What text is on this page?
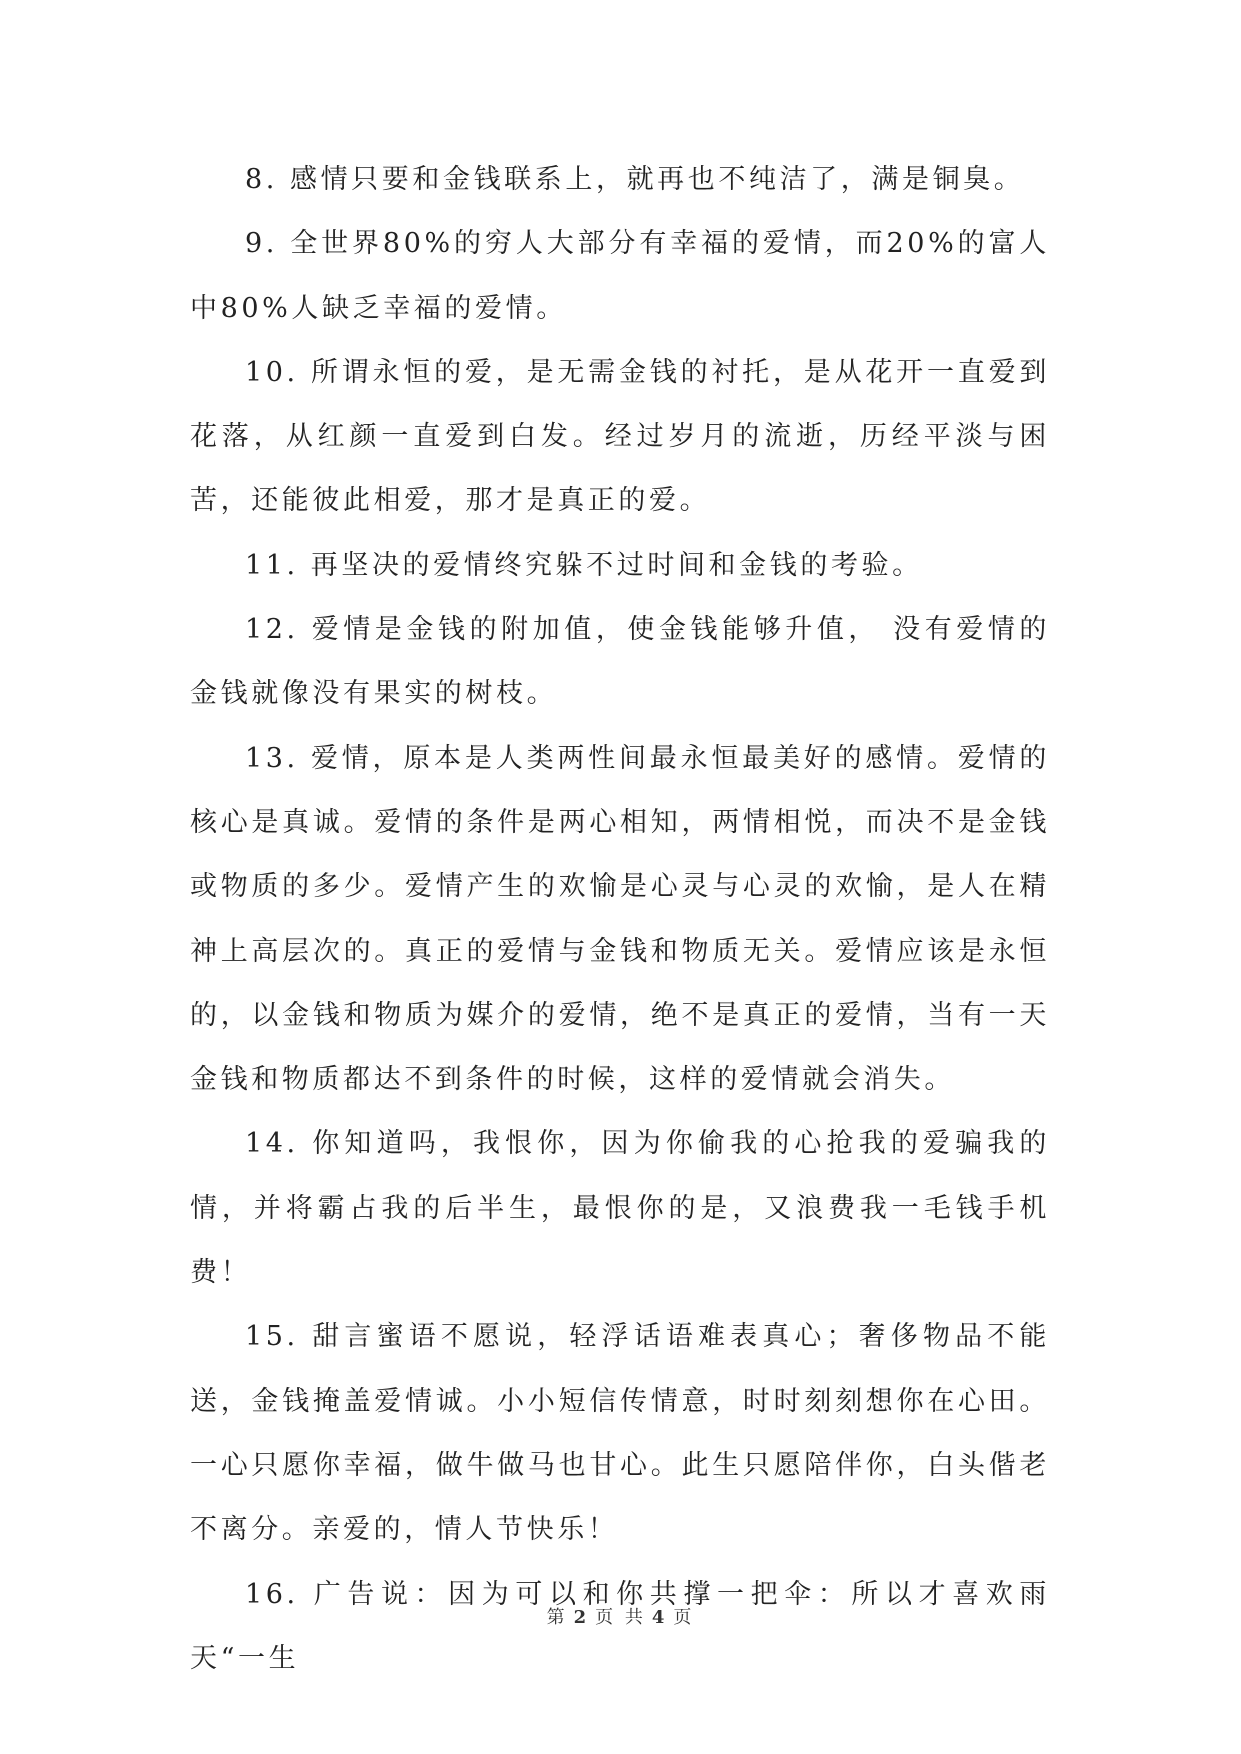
8. 感情只要和金钱联系上，就再也不纯洁了，满是铜臭。

9. 全世界80%的穷人大部分有幸福的爱情，而20%的富人中80%人缺乏幸福的爱情。

10. 所谓永恒的爱，是无需金钱的衬托，是从花开一直爱到花落，从红颜一直爱到白发。经过岁月的流逝，历经平淡与困苦，还能彼此相爱，那才是真正的爱。

11. 再坚决的爱情终究躲不过时间和金钱的考验。

12. 爱情是金钱的附加值，使金钱能够升值， 没有爱情的金钱就像没有果实的树枝。

13. 爱情，原本是人类两性间最永恒最美好的感情。爱情的核心是真诚。爱情的条件是两心相知，两情相悦，而决不是金钱或物质的多少。爱情产生的欢愉是心灵与心灵的欢愉，是人在精神上高层次的。真正的爱情与金钱和物质无关。爱情应该是永恒的，以金钱和物质为媒介的爱情，绝不是真正的爱情，当有一天金钱和物质都达不到条件的时候，这样的爱情就会消失。

14. 你知道吗，我恨你，因为你偷我的心抢我的爱骗我的情，并将霸占我的后半生，最恨你的是，又浪费我一毛钱手机费！

15. 甜言蜜语不愿说，轻浮话语难表真心；奢侈物品不能送，金钱掩盖爱情诚。小小短信传情意，时时刻刻想你在心田。一心只愿你幸福，做牛做马也甘心。此生只愿陪伴你，白头偕老不离分。亲爱的，情人节快乐！

16. 广告说：因为可以和你共撑一把伞：所以才喜欢雨天“一生

第 2 页 共 4 页
